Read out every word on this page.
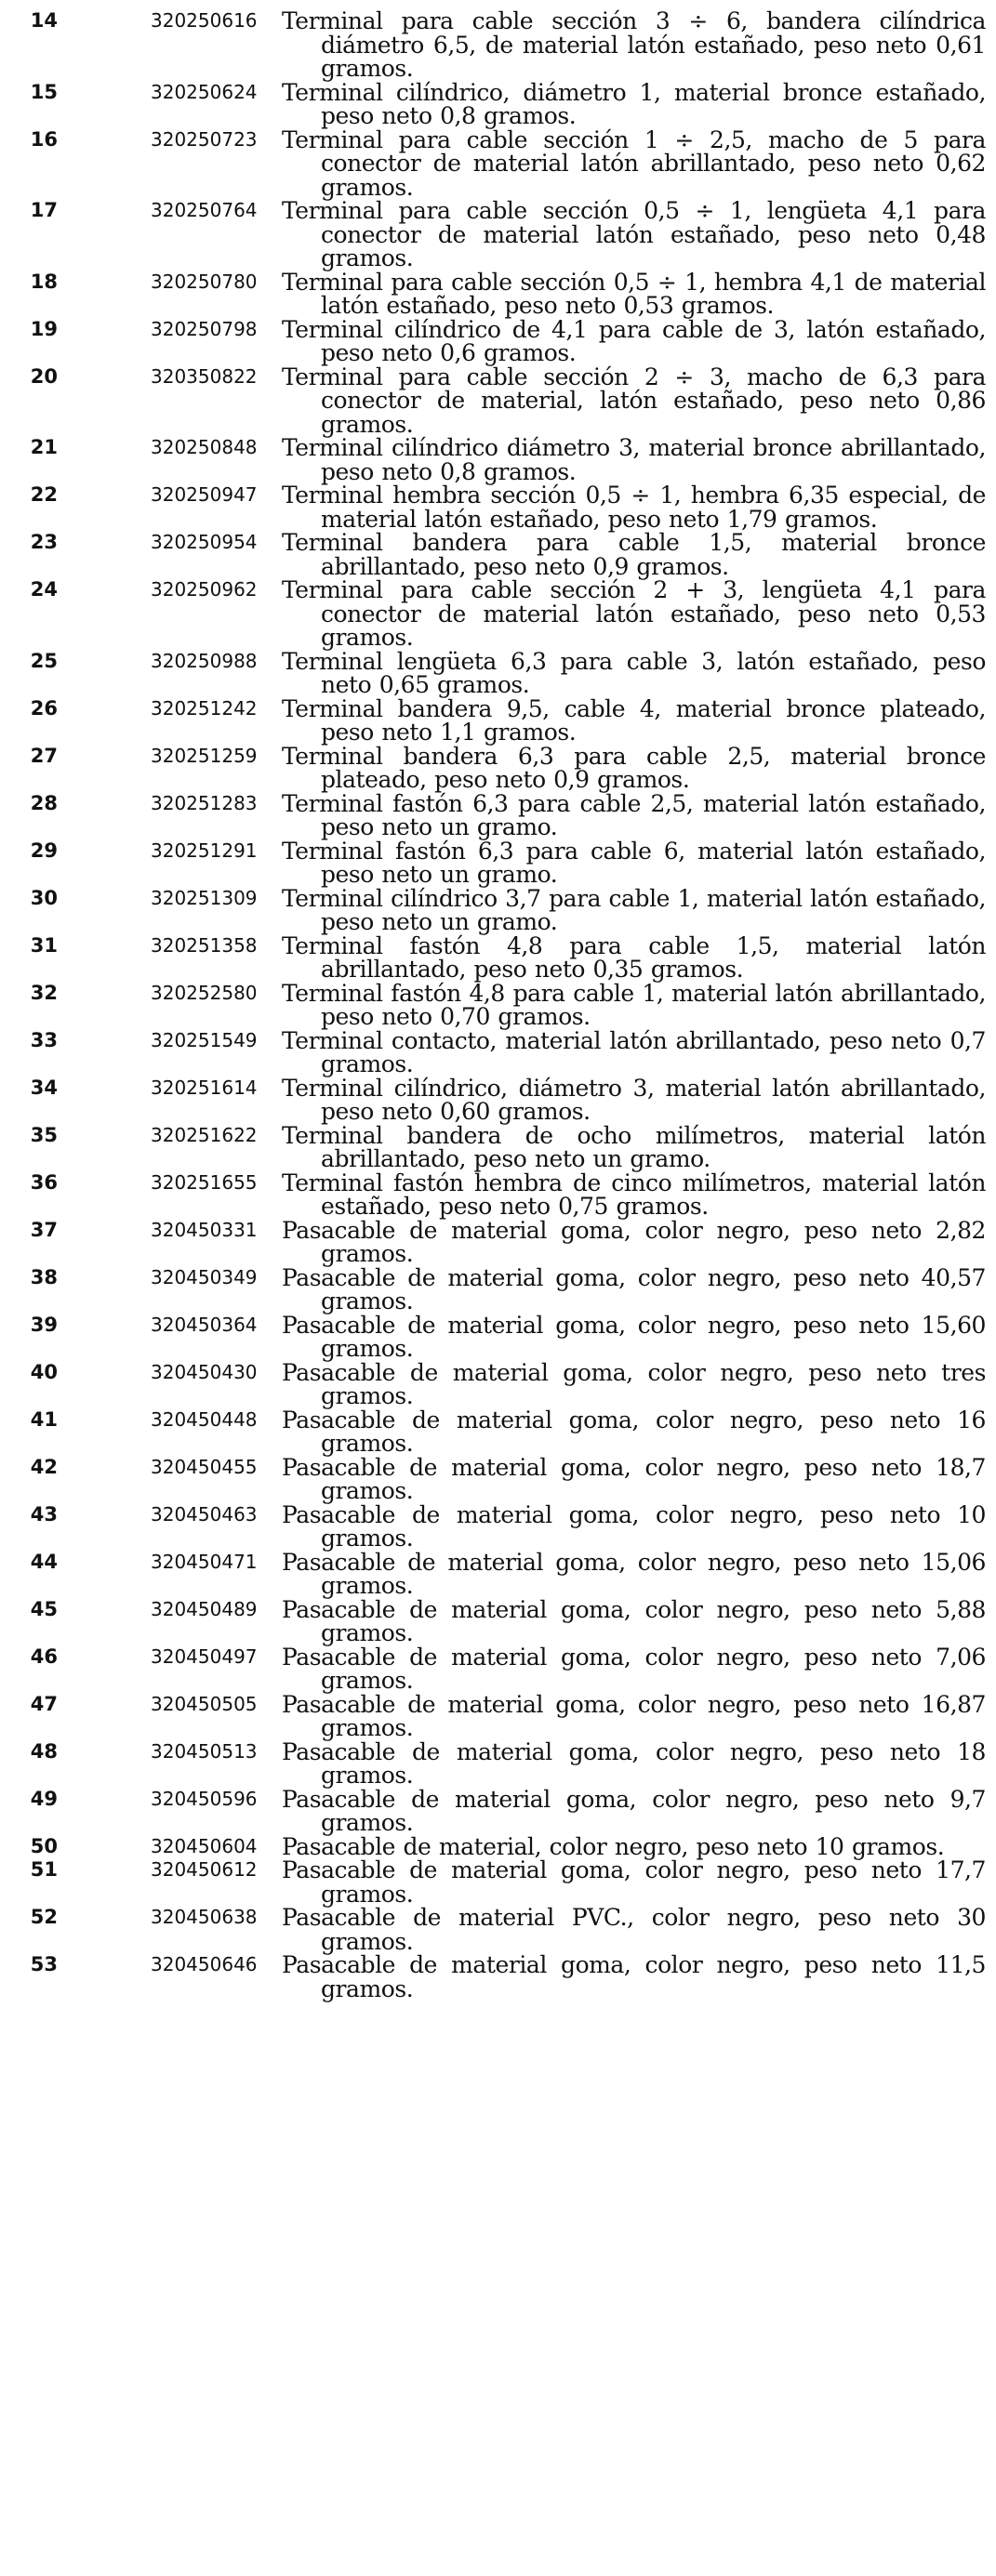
14	320250616	Terminal para cable sección 3 ÷ 6, bandera cilíndrica diámetro 6,5, de material latón estañado, peso neto 0,61 gramos.
15	320250624	Terminal cilíndrico, diámetro 1, material bronce estañado, peso neto 0,8 gramos.
16	320250723	Terminal para cable sección 1 ÷ 2,5, macho de 5 para conector de material latón abrillantado, peso neto 0,62 gramos.
17	320250764	Terminal para cable sección 0,5 ÷ 1, lengüeta 4,1 para conector de material latón estañado, peso neto 0,48 gramos.
18	320250780	Terminal para cable sección 0,5 ÷ 1, hembra 4,1 de material latón estañado, peso neto 0,53 gramos.
19	320250798	Terminal cilíndrico de 4,1 para cable de 3, latón estañado, peso neto 0,6 gramos.
20	320350822	Terminal para cable sección 2 ÷ 3, macho de 6,3 para conector de material, latón estañado, peso neto 0,86 gramos.
21	320250848	Terminal cilíndrico diámetro 3, material bronce abrillantado, peso neto 0,8 gramos.
22	320250947	Terminal hembra sección 0,5 ÷ 1, hembra 6,35 especial, de material latón estañado, peso neto 1,79 gramos.
23	320250954	Terminal bandera para cable 1,5, material bronce abrillantado, peso neto 0,9 gramos.
24	320250962	Terminal para cable sección 2 + 3, lengüeta 4,1 para conector de material latón estañado, peso neto 0,53 gramos.
25	320250988	Terminal lengüeta 6,3 para cable 3, latón estañado, peso neto 0,65 gramos.
26	320251242	Terminal bandera 9,5, cable 4, material bronce plateado, peso neto 1,1 gramos.
27	320251259	Terminal bandera 6,3 para cable 2,5, material bronce plateado, peso neto 0,9 gramos.
28	320251283	Terminal fastón 6,3 para cable 2,5, material latón estañado, peso neto un gramo.
29	320251291	Terminal fastón 6,3 para cable 6, material latón estañado, peso neto un gramo.
30	320251309	Terminal cilíndrico 3,7 para cable 1, material latón estañado, peso neto un gramo.
31	320251358	Terminal fastón 4,8 para cable 1,5, material latón abrillantado, peso neto 0,35 gramos.
32	320252580	Terminal fastón 4,8 para cable 1, material latón abrillantado, peso neto 0,70 gramos.
33	320251549	Terminal contacto, material latón abrillantado, peso neto 0,7 gramos.
34	320251614	Terminal cilíndrico, diámetro 3, material latón abrillantado, peso neto 0,60 gramos.
35	320251622	Terminal bandera de ocho milímetros, material latón abrillantado, peso neto un gramo.
36	320251655	Terminal fastón hembra de cinco milímetros, material latón estañado, peso neto 0,75 gramos.
37	320450331	Pasacable de material goma, color negro, peso neto 2,82 gramos.
38	320450349	Pasacable de material goma, color negro, peso neto 40,57 gramos.
39	320450364	Pasacable de material goma, color negro, peso neto 15,60 gramos.
40	320450430	Pasacable de material goma, color negro, peso neto tres gramos.
41	320450448	Pasacable de material goma, color negro, peso neto 16 gramos.
42	320450455	Pasacable de material goma, color negro, peso neto 18,7 gramos.
43	320450463	Pasacable de material goma, color negro, peso neto 10 gramos.
44	320450471	Pasacable de material goma, color negro, peso neto 15,06 gramos.
45	320450489	Pasacable de material goma, color negro, peso neto 5,88 gramos.
46	320450497	Pasacable de material goma, color negro, peso neto 7,06 gramos.
47	320450505	Pasacable de material goma, color negro, peso neto 16,87 gramos.
48	320450513	Pasacable de material goma, color negro, peso neto 18 gramos.
49	320450596	Pasacable de material goma, color negro, peso neto 9,7 gramos.
50	320450604	Pasacable de material, color negro, peso neto 10 gramos.
51	320450612	Pasacable de material goma, color negro, peso neto 17,7 gramos.
52	320450638	Pasacable de material PVC., color negro, peso neto 30 gramos.
53	320450646	Pasacable de material goma, color negro, peso neto 11,5 gramos.
